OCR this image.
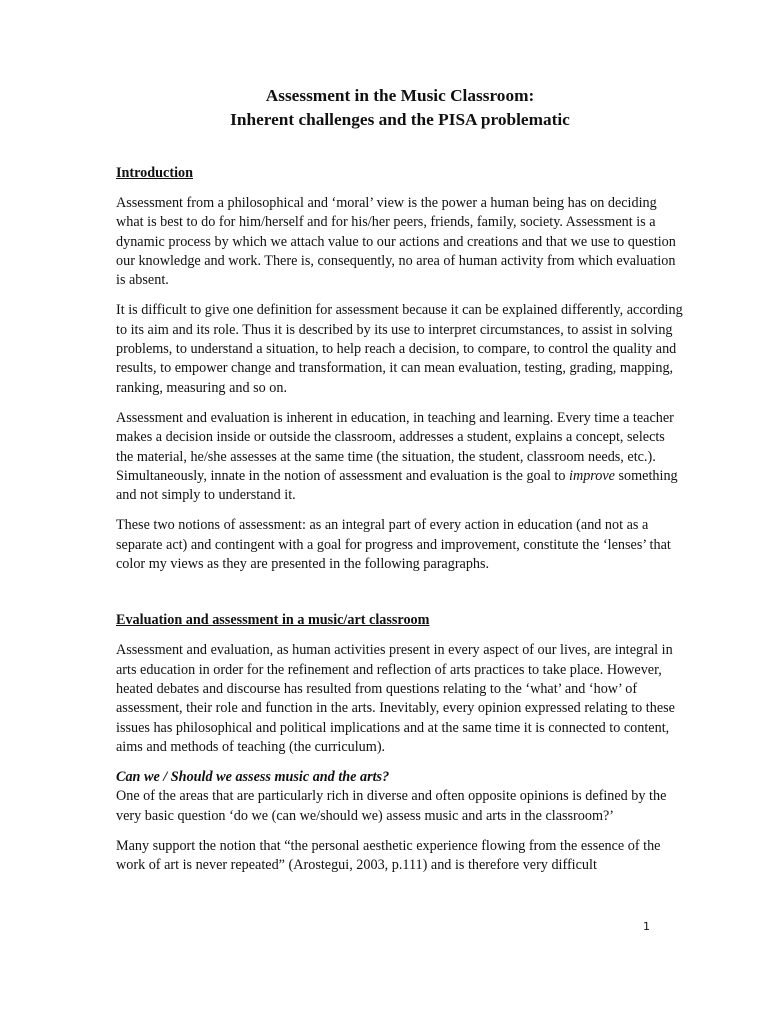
Assessment in the Music Classroom:
Inherent challenges and the PISA problematic
Introduction

Assessment from a philosophical and ‘moral’ view is the power a human being has on deciding what is best to do for him/herself and for his/her peers, friends, family, society. Assessment is a dynamic process by which we attach value to our actions and creations and that we use to question our knowledge and work. There is, consequently, no area of human activity from which evaluation is absent.

It is difficult to give one definition for assessment because it can be explained differently, according to its aim and its role. Thus it is described by its use to interpret circumstances, to assist in solving problems, to understand a situation, to help reach a decision, to compare, to control the quality and results, to empower change and transformation, it can mean evaluation, testing, grading, mapping, ranking, measuring and so on.

Assessment and evaluation is inherent in education, in teaching and learning. Every time a teacher makes a decision inside or outside the classroom, addresses a student, explains a concept, selects the material, he/she assesses at the same time (the situation, the student, classroom needs, etc.). Simultaneously, innate in the notion of assessment and evaluation is the goal to improve something and not simply to understand it.

These two notions of assessment: as an integral part of every action in education (and not as a separate act) and contingent with a goal for progress and improvement, constitute the ‘lenses’ that color my views as they are presented in the following paragraphs.

Evaluation and assessment in a music/art classroom

Assessment and evaluation, as human activities present in every aspect of our lives, are integral in arts education in order for the refinement and reflection of arts practices to take place. However, heated debates and discourse has resulted from questions relating to the ‘what’ and ‘how’ of assessment, their role and function in the arts. Inevitably, every opinion expressed relating to these issues has philosophical and political implications and at the same time it is connected to content, aims and methods of teaching (the curriculum).

Can we / Should we assess music and the arts?

One of the areas that are particularly rich in diverse and often opposite opinions is defined by the very basic question ‘do we (can we/should we) assess music and arts in the classroom?’

Many support the notion that “the personal aesthetic experience flowing from the essence of the work of art is never repeated” (Arostegui, 2003, p.111) and is therefore very difficult

1
